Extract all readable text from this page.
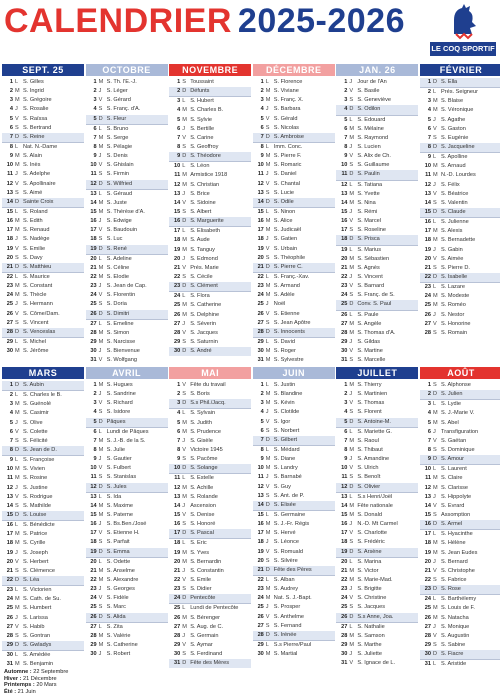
CALENDRIER 2025-2026
LE COQ SPORTIF
SEPT. 25
1 L S. Gilles
2 M S. Ingrid
3 M S. Grégoire
4 J S. Rosalie
5 V S. Raïssa
6 S S. Bertrand
7 D S. Reine
8 L Nat. N.-Dame
9 M S. Alain
10 M S. Inès
11 J S. Adelphe
12 V S. Apollinaire
13 S S. Aimé
14 D Sainte Croix
15 L S. Roland
16 M S. Edith
17 M S. Renaud
18 J S. Nadège
19 V S. Emilie
20 S S. Davy
21 D S. Matthieu
22 L S. Maurice
23 M S. Constant
24 M S. Thècle
25 J S. Hermann
26 V S. Côme/Dam.
27 S S. Vincent
28 D S. Venceslas
29 L S. Michel
30 M S. Jérôme
OCTOBRE
1 M S. Th. l'E.-J.
2 J S. Léger
3 V S. Gérard
4 S S. Franç. d'A.
5 D S. Fleur
6 L S. Bruno
7 M S. Serge
8 M S. Pélagie
9 J S. Denis
10 V S. Ghislain
11 S S. Firmin
12 D S. Wilfried
13 L S. Géraud
14 M S. Juste
15 M S. Thérèse d'A.
16 J S. Edwige
17 V S. Baudouin
18 S S. Luc
19 D S. René
20 L S. Adeline
21 M S. Céline
22 M S. Elodie
23 J S. Jean de Cap.
24 V S. Florentin
25 S S. Doria
26 D S. Dimitri
27 L S. Emeline
28 M S. Simon
29 M S. Narcisse
30 J S. Bienvenue
31 V S. Wolfgang
NOVEMBRE
1 S Toussaint
2 D Défunts
3 L S. Hubert
4 M S. Charles B.
5 M S. Sylvie
6 J S. Bertille
7 V S. Carine
8 S S. Geoffroy
9 D S. Théodore
10 L S. Léon
11 M Armistice 1918
12 M S. Christian
13 J S. Brice
14 V S. Sidoine
15 S S. Albert
16 D S. Marguerite
17 L S. Elisabeth
18 M S. Aude
19 M S. Tanguy
20 J S. Edmond
21 V Prés. Marie
22 S S. Cécile
23 D S. Clément
24 L S. Flora
25 M S. Catherine
26 M S. Delphine
27 J S. Séverin
28 V S. Jacques
29 S S. Saturnin
30 D S. André
DÉCEMBRE
1 L S. Florence
2 M S. Viviane
3 M S. Franç. X.
4 J S. Barbara
5 V S. Gérald
6 S S. Nicolas
7 D S. Ambroise
8 L Imm. Conc.
9 M S. Pierre F.
10 M S. Romaric
11 J S. Daniel
12 V S. Chantal
13 S S. Lucie
14 D S. Odile
15 L S. Ninon
16 M S. Alice
17 M S. Judicaël
18 J S. Gatien
19 V S. Urbain
20 S S. Théophile
21 D S. Pierre C.
22 L S. Franç.-Xav.
23 M S. Armand
24 M S. Adèle
25 J Noël
26 V S. Etienne
27 S S. Jean Apôtre
28 D S. Innocents
29 L S. David
30 M S. Roger
31 M S. Sylvestre
JAN. 26
1 J Jour de l'An
2 V S. Basile
3 S S. Geneviève
4 D S. Odilon
5 L S. Edouard
6 M S. Mélaine
7 M S. Raymond
8 J S. Lucien
9 V S. Alix de Ch.
10 S S. Guillaume
11 D S. Paulin
12 L S. Tatiana
13 M S. Yvette
14 M S. Nina
15 J S. Rémi
16 V S. Marcel
17 S S. Roseline
18 D S. Prisca
19 L S. Marius
20 M S. Sébastien
21 M S. Agnès
22 J S. Vincent
23 V S. Barnard
24 S S. Franç. de S.
25 D Conv. S. Paul
26 L S. Paule
27 M S. Angèle
28 M S. Thomas d'A.
29 J S. Gildas
30 V S. Martine
31 S S. Marcelle
FÉVRIER
1 D S. Ella
2 L Prés. Seigneur
3 M S. Blaise
4 M S. Véronique
5 J S. Agathe
6 V S. Gaston
7 S S. Eugénie
8 D S. Jacqueline
9 L S. Apolline
10 M S. Arnaud
11 M N.-D. Lourdes
12 J S. Félix
13 V S. Béatrice
14 S S. Valentin
15 D S. Claude
16 L S. Julienne
17 M S. Alexis
18 M S. Bernadette
19 J S. Gabin
20 V S. Aimée
21 S S. Pierre D.
22 D S. Isabelle
23 L S. Lazare
24 M S. Modeste
25 M S. Roméo
26 J S. Nestor
27 V S. Honorine
28 S S. Romain
MARS
1 D S. Aubin
2 L S. Charles le B.
3 M S. Guénolé
4 M S. Casimir
5 J S. Olive
6 V S. Colette
7 S S. Félicité
8 D S. Jean de D.
9 L S. Françoise
10 M S. Vivien
11 M S. Rosine
12 J S. Justine
13 V S. Rodrigue
14 S S. Mathilde
15 D S. Louise
16 L S. Bénédicte
17 M S. Patrice
18 M S. Cyrille
19 J S. Joseph
20 V S. Herbert
21 S S. Clémence
22 D S. Léa
23 L S. Victorien
24 M S. Cath. de Su.
25 M S. Humbert
26 J S. Larissa
27 V S. Habib
28 S S. Gontran
29 D S. Gwladys
30 L S. Amédée
31 M S. Benjamin
AVRIL
1 M S. Hugues
2 J S. Sandrine
3 V S. Richard
4 S S. Isidore
5 D Pâques
6 L Lundi de Pâques
7 M S. J.-B. de la S.
8 M S. Julie
9 J S. Gautier
10 V S. Fulbert
11 S S. Stanislas
12 D S. Jules
13 L S. Ida
14 M S. Maxime
15 M S. Paterne
16 J S. Bs.Ben./José
17 V S. Etienne H.
18 S S. Parfait
19 D S. Emma
20 L S. Odette
21 M S. Anselme
22 M S. Alexandre
23 J S. Georges
24 V S. Fidèle
25 S S. Marc
26 D S. Alida
27 L S. Zita
28 M S. Valérie
29 M S. Catherine
30 J S. Robert
MAI
1 V Fête du travail
2 S S. Boris
3 D S.s Phil./Jacq.
4 L S. Sylvain
5 M S. Judith
6 M S. Prudence
7 J S. Gisèle
8 V Victoire 1945
9 S S. Pacôme
10 D S. Solange
11 L S. Estelle
12 M S. Achille
13 M S. Rolande
14 J Ascension
15 V S. Denise
16 S S. Honoré
17 D S. Pascal
18 L S. Eric
19 M S. Yves
20 M S. Bernardin
21 J S. Constantin
22 V S. Emile
23 S S. Didier
24 D Pentecôte
25 L Lundi de Pentecôte
26 M S. Bérenger
27 M S. Aug. de C.
28 J S. Germain
29 V S. Aymar
30 S S. Ferdinand
31 D Fête des Mères
JUIN
1 L S. Justin
2 M S. Blandine
3 M S. Kévin
4 J S. Clotilde
5 V S. Igor
6 S S. Norbert
7 D S. Gilbert
8 L S. Médard
9 M S. Diane
10 M S. Landry
11 J S. Barnabé
12 V S. Guy
13 S S. Ant. de P.
14 D S. Elisée
15 L S. Germaine
16 M S. J.-Fr. Régis
17 M S. Hervé
18 J S. Léonce
19 V S. Romuald
20 S S. Silvère
21 D Fête des Pères
22 L S. Alban
23 M S. Audrey
24 M Nat. S. J.-Bapt.
25 J S. Prosper
26 V S. Anthelme
27 S S. Fernand
28 D S. Irénée
29 L S.s Pierre/Paul
30 M S. Martial
JUILLET
1 M S. Thierry
2 J S. Martinien
3 V S. Thomas
4 S S. Florent
5 D S. Antoine-M.
6 L S. Mariette G.
7 M S. Raoul
8 M S. Thibaut
9 J S. Amandine
10 V S. Ulrich
11 S S. Benoît
12 D S. Olivier
13 L S.s Henri/Joël
14 M Fête nationale
15 M S. Donald
16 J N.-D. Mt Carmel
17 V S. Charlotte
18 S S. Frédéric
19 D S. Arsène
20 L S. Marina
21 M S. Victor
22 M S. Marie-Mad.
23 J S. Brigitte
24 V S. Christine
25 S S. Jacques
26 D S.s Anne, Joa.
27 L S. Nathalie
28 M S. Samson
29 M S. Marthe
30 J S. Juliette
31 V S. Ignace de L.
AOÛT
1 S S. Alphonse
2 D S. Julien
3 L S. Lydie
4 M S. J.-Marie V.
5 M S. Abel
6 J Transfiguration
7 V S. Gaëtan
8 S S. Dominique
9 D S. Amour
10 L S. Laurent
11 M S. Claire
12 M S. Clarisse
13 J S. Hippolyte
14 V S. Evrard
15 S Assomption
16 D S. Armel
17 L S. Hyacinthe
18 M S. Hélène
19 M S. Jean Eudes
20 J S. Bernard
21 V S. Christophe
22 S S. Fabrice
23 D S. Rose
24 L S. Barthélemy
25 M S. Louis de F.
26 M S. Natacha
27 J S. Monique
28 V S. Augustin
29 S S. Sabine
30 D S. Fiacre
31 L S. Aristide
Automne : 22 Septembre
Hiver : 21 Décembre
Printemps : 20 Mars
Été : 21 Juin
